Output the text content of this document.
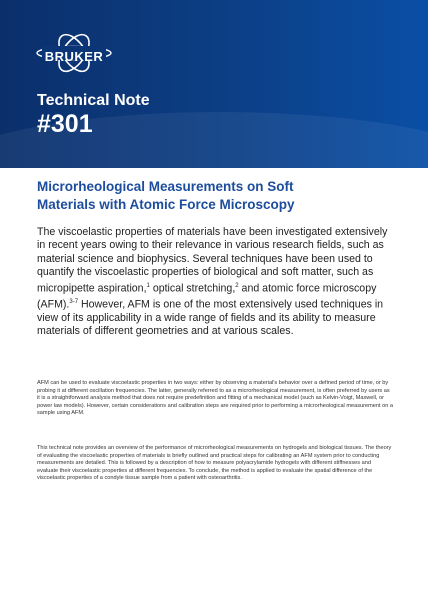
BRUKER
Technical Note
#301
Microrheological Measurements on Soft
Materials with Atomic Force Microscopy
The viscoelastic properties of materials have been investigated extensively in recent years owing to their relevance in various research fields, such as material science and biophysics. Several techniques have been used to quantify the viscoelastic properties of biological and soft matter, such as micropipette aspiration,$^1$ optical stretching,$^2$ and atomic force microscopy (AFM).$^{3-7}$ However, AFM is one of the most extensively used techniques in view of its applicability in a wide range of fields and its ability to measure materials of different geometries and at various scales.
AFM can be used to evaluate viscoelastic properties in two ways: either by observing a material's behavior over a defined period of time, or by probing it at different oscillation frequencies. The latter, generally referred to as a microrheological measurement, is often preferred by users as it is a straightforward analysis method that does not require predefinition and fitting of a mechanical model (such as Kelvin-Voigt, Maxwell, or power law models). However, certain considerations and calibration steps are required prior to performing a microrheological measurement on a sample using AFM.
This technical note provides an overview of the performance of microrheological measurements on hydrogels and biological tissues. The theory of evaluating the viscoelastic properties of materials is briefly outlined and practical steps for calibrating an AFM system prior to conducting measurements are detailed. This is followed by a description of how to measure polyacrylamide hydrogels with different stiffnesses and evaluate their viscoelastic properties at different frequencies. To conclude, the method is applied to evaluate the spatial difference of the viscoelastic properties of a condyle tissue sample from a patient with osteoarthritis.
